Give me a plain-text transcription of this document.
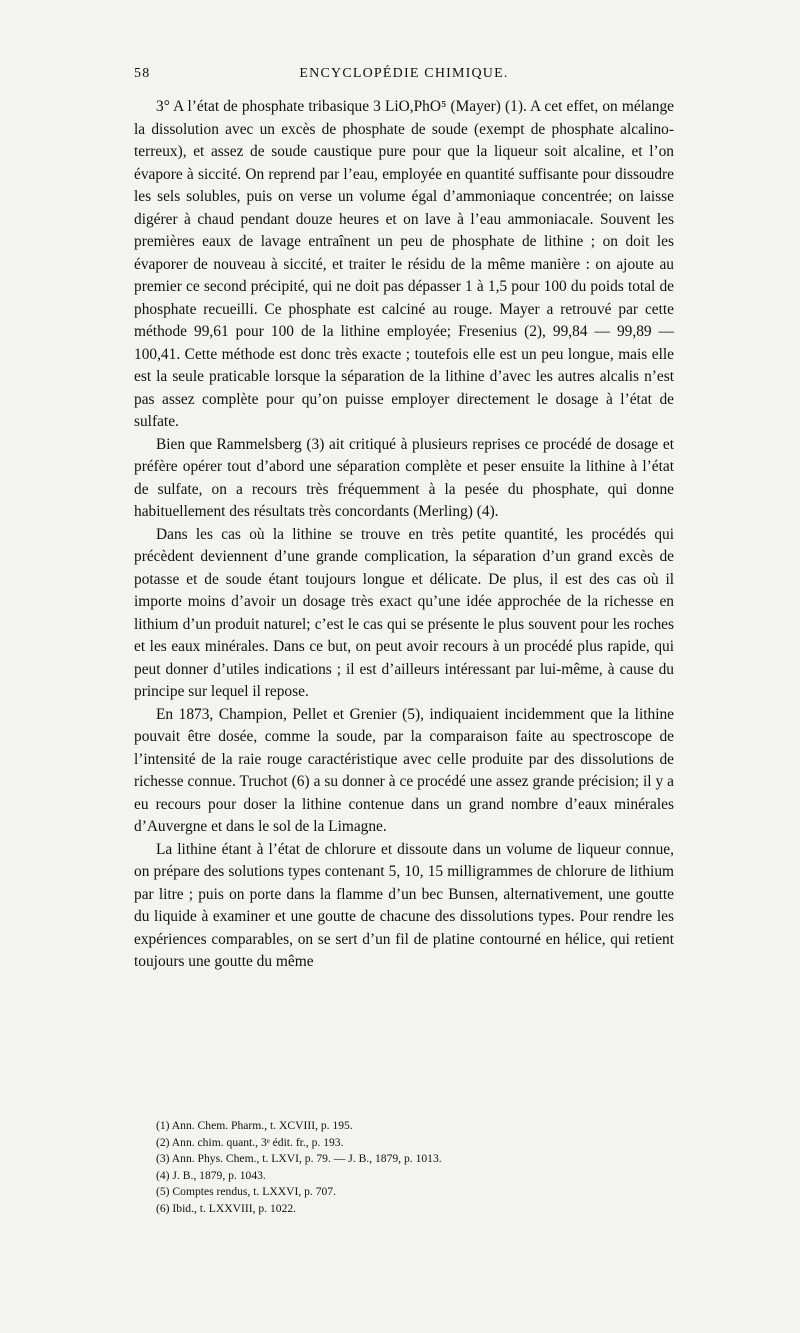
58	ENCYCLOPÉDIE CHIMIQUE.

3° A l’état de phosphate tribasique 3 LiO,PhO⁵ (Mayer) (1). A cet effet, on mélange la dissolution avec un excès de phosphate de soude (exempt de phosphate alcalino-terreux), et assez de soude caustique pure pour que la liqueur soit alcaline, et l’on évapore à siccité. On reprend par l’eau, employée en quantité suffisante pour dissoudre les sels solubles, puis on verse un volume égal d’ammoniaque concentrée; on laisse digérer à chaud pendant douze heures et on lave à l’eau ammoniacale. Souvent les premières eaux de lavage entraînent un peu de phosphate de lithine ; on doit les évaporer de nouveau à siccité, et traiter le résidu de la même manière : on ajoute au premier ce second précipité, qui ne doit pas dépasser 1 à 1,5 pour 100 du poids total de phosphate recueilli. Ce phosphate est calciné au rouge. Mayer a retrouvé par cette méthode 99,61 pour 100 de la lithine employée; Fresenius (2), 99,84 — 99,89 — 100,41. Cette méthode est donc très exacte ; toutefois elle est un peu longue, mais elle est la seule praticable lorsque la séparation de la lithine d’avec les autres alcalis n’est pas assez complète pour qu’on puisse employer directement le dosage à l’état de sulfate.

Bien que Rammelsberg (3) ait critiqué à plusieurs reprises ce procédé de dosage et préfère opérer tout d’abord une séparation complète et peser ensuite la lithine à l’état de sulfate, on a recours très fréquemment à la pesée du phosphate, qui donne habituellement des résultats très concordants (Merling) (4).

Dans les cas où la lithine se trouve en très petite quantité, les procédés qui précèdent deviennent d’une grande complication, la séparation d’un grand excès de potasse et de soude étant toujours longue et délicate. De plus, il est des cas où il importe moins d’avoir un dosage très exact qu’une idée approchée de la richesse en lithium d’un produit naturel; c’est le cas qui se présente le plus souvent pour les roches et les eaux minérales. Dans ce but, on peut avoir recours à un procédé plus rapide, qui peut donner d’utiles indications ; il est d’ailleurs intéressant par lui-même, à cause du principe sur lequel il repose.

En 1873, Champion, Pellet et Grenier (5), indiquaient incidemment que la lithine pouvait être dosée, comme la soude, par la comparaison faite au spectroscope de l’intensité de la raie rouge caractéristique avec celle produite par des dissolutions de richesse connue. Truchot (6) a su donner à ce procédé une assez grande précision; il y a eu recours pour doser la lithine contenue dans un grand nombre d’eaux minérales d’Auvergne et dans le sol de la Limagne.

La lithine étant à l’état de chlorure et dissoute dans un volume de liqueur connue, on prépare des solutions types contenant 5, 10, 15 milligrammes de chlorure de lithium par litre ; puis on porte dans la flamme d’un bec Bunsen, alternativement, une goutte du liquide à examiner et une goutte de chacune des dissolutions types. Pour rendre les expériences comparables, on se sert d’un fil de platine contourné en hélice, qui retient toujours une goutte du même

(1) Ann. Chem. Pharm., t. XCVIII, p. 195.

(2) Ann. chim. quant., 3ᵉ édit. fr., p. 193.

(3) Ann. Phys. Chem., t. LXVI, p. 79. — J. B., 1879, p. 1013.

(4) J. B., 1879, p. 1043.

(5) Comptes rendus, t. LXXVI, p. 707.

(6) Ibid., t. LXXVIII, p. 1022.
